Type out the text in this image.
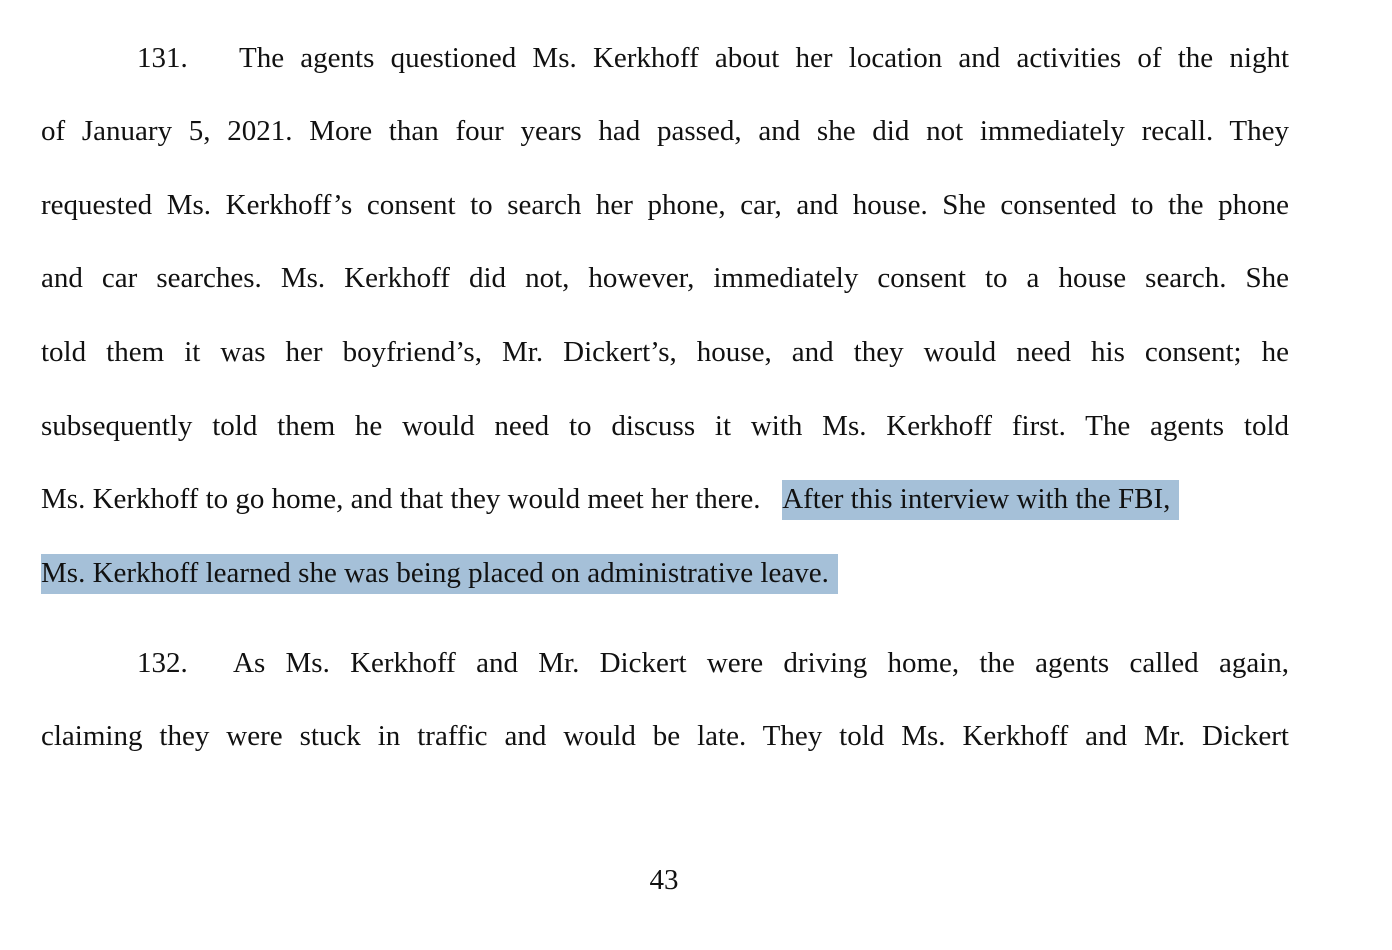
131. The agents questioned Ms. Kerkhoff about her location and activities of the night
of January 5, 2021. More than four years had passed, and she did not immediately recall. They
requested Ms. Kerkhoff’s consent to search her phone, car, and house. She consented to the phone
and car searches. Ms. Kerkhoff did not, however, immediately consent to a house search. She
told them it was her boyfriend’s, Mr. Dickert’s, house, and they would need his consent; he
subsequently told them he would need to discuss it with Ms. Kerkhoff first. The agents told
Ms. Kerkhoff to go home, and that they would meet her there. After this interview with the FBI,
Ms. Kerkhoff learned she was being placed on administrative leave.
132. As Ms. Kerkhoff and Mr. Dickert were driving home, the agents called again,
claiming they were stuck in traffic and would be late. They told Ms. Kerkhoff and Mr. Dickert
43
